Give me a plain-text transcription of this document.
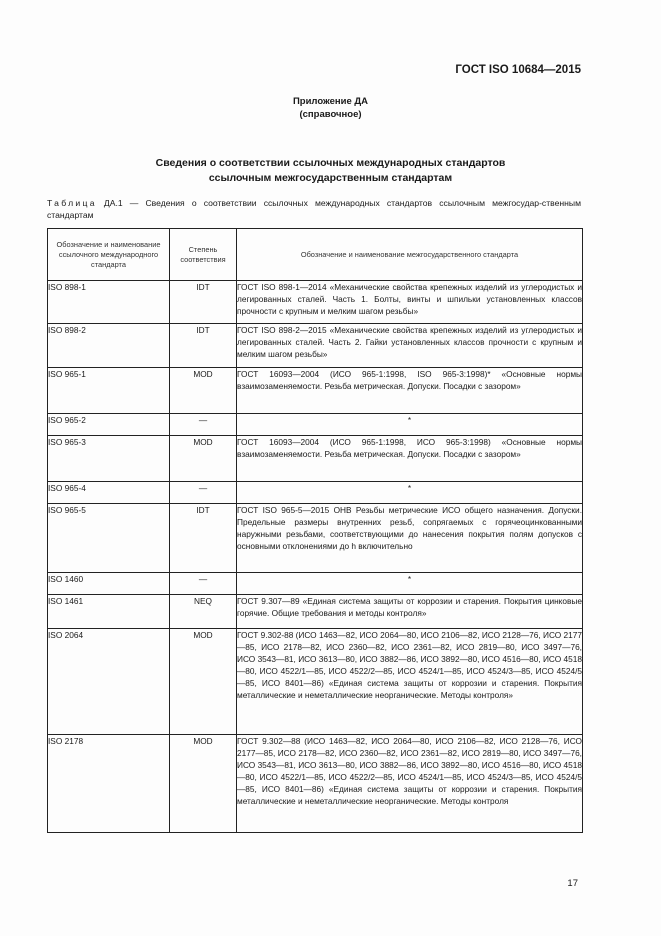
ГОСТ ISO 10684—2015
Приложение ДА
(справочное)
Сведения о соответствии ссылочных международных стандартов
ссылочным межгосударственным стандартам
Таблица ДА.1 — Сведения о соответствии ссылочных международных стандартов ссылочным межгосудар-ственным стандартам
Обозначение и наименование ссылочного международного стандарта	Степень соответствия	Обозначение и наименование межгосударственного стандарта
ISO 898-1	IDT	ГОСТ ISO 898-1—2014 «Механические свойства крепежных изделий из углеродистых и легированных сталей. Часть 1. Болты, винты и шпильки установленных классов прочности с крупным и мелким шагом резьбы»
ISO 898-2	IDT	ГОСТ ISO 898-2—2015 «Механические свойства крепежных изделий из углеродистых и легированных сталей. Часть 2. Гайки установленных классов прочности с крупным и мелким шагом резьбы»
ISO 965-1	MOD	ГОСТ 16093—2004 (ИСО 965-1:1998, ISO 965-3:1998)* «Основные нормы взаимозаменяемости. Резьба метрическая. Допуски. Посадки с зазором»
ISO 965-2	—	*
ISO 965-3	MOD	ГОСТ 16093—2004 (ИСО 965-1:1998, ИСО 965-3:1998) «Основные нормы взаимозаменяемости. Резьба метрическая. Допуски. Посадки с зазором»
ISO 965-4	—	*
ISO 965-5	IDT	ГОСТ ISO 965-5—2015 ОНВ Резьбы метрические ИСО общего назначения. Допуски. Предельные размеры внутренних резьб, сопрягаемых с горячеоцинкованными наружными резьбами, соответствующими до нанесения покрытия полям допусков с основными отклонениями до h включительно
ISO 1460	—	*
ISO 1461	NEQ	ГОСТ 9.307—89 «Единая система защиты от коррозии и старения. Покрытия цинковые горячие. Общие требования и методы контроля»
ISO 2064	MOD	ГОСТ 9.302-88 (ИСО 1463—82, ИСО 2064—80, ИСО 2106—82, ИСО 2128—76, ИСО 2177—85, ИСО 2178—82, ИСО 2360—82, ИСО 2361—82, ИСО 2819—80, ИСО 3497—76, ИСО 3543—81, ИСО 3613—80, ИСО 3882—86, ИСО 3892—80, ИСО 4516—80, ИСО 4518—80, ИСО 4522/1—85, ИСО 4522/2—85, ИСО 4524/1—85, ИСО 4524/3—85, ИСО 4524/5—85, ИСО 8401—86) «Единая система защиты от коррозии и старения. Покрытия металлические и неметаллические неорганические. Методы контроля»
ISO 2178	MOD	ГОСТ 9.302—88 (ИСО 1463—82, ИСО 2064—80, ИСО 2106—82, ИСО 2128—76, ИСО 2177—85, ИСО 2178—82, ИСО 2360—82, ИСО 2361—82, ИСО 2819—80, ИСО 3497—76, ИСО 3543—81, ИСО 3613—80, ИСО 3882—86, ИСО 3892—80, ИСО 4516—80, ИСО 4518—80, ИСО 4522/1—85, ИСО 4522/2—85, ИСО 4524/1—85, ИСО 4524/3—85, ИСО 4524/5—85, ИСО 8401—86) «Единая система защиты от коррозии и старения. Покрытия металлические и неметаллические неорганические. Методы контроля
17
